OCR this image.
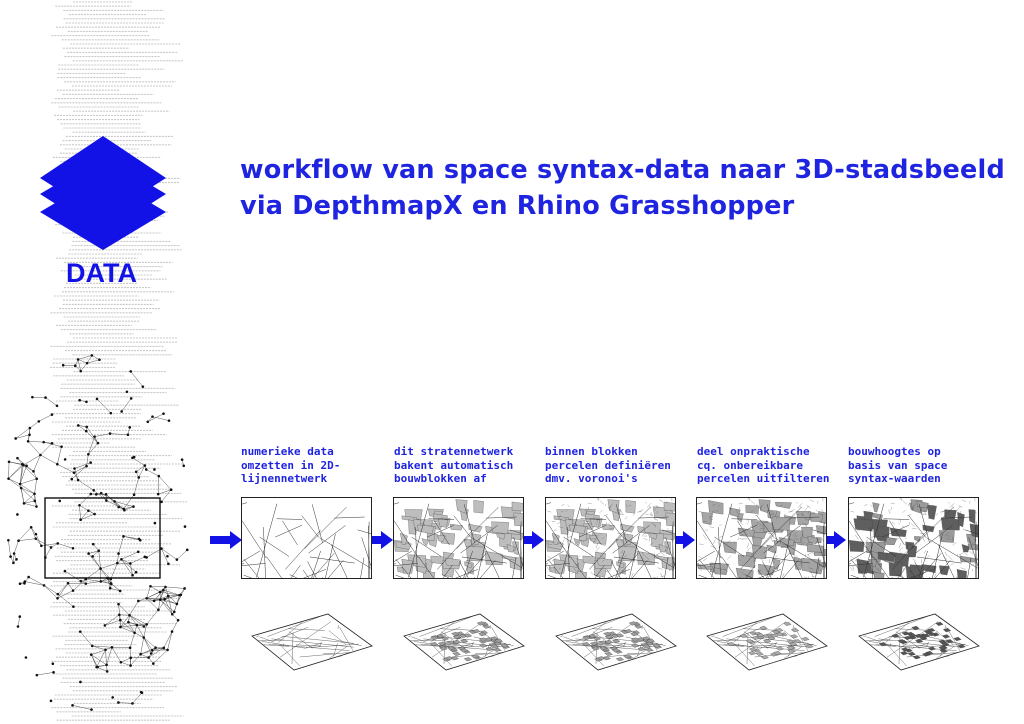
DATA
workflow van space syntax-data naar 3D-stadsbeeld
via DepthmapX en Rhino Grasshopper
numerieke data
omzetten in 2D-
lijnennetwerk
dit stratennetwerk
bakent automatisch
bouwblokken af
binnen blokken
percelen definiëren
dmv. voronoi's
deel onpraktische
cq. onbereikbare
percelen uitfilteren
bouwhoogtes op
basis van space
syntax-waarden
